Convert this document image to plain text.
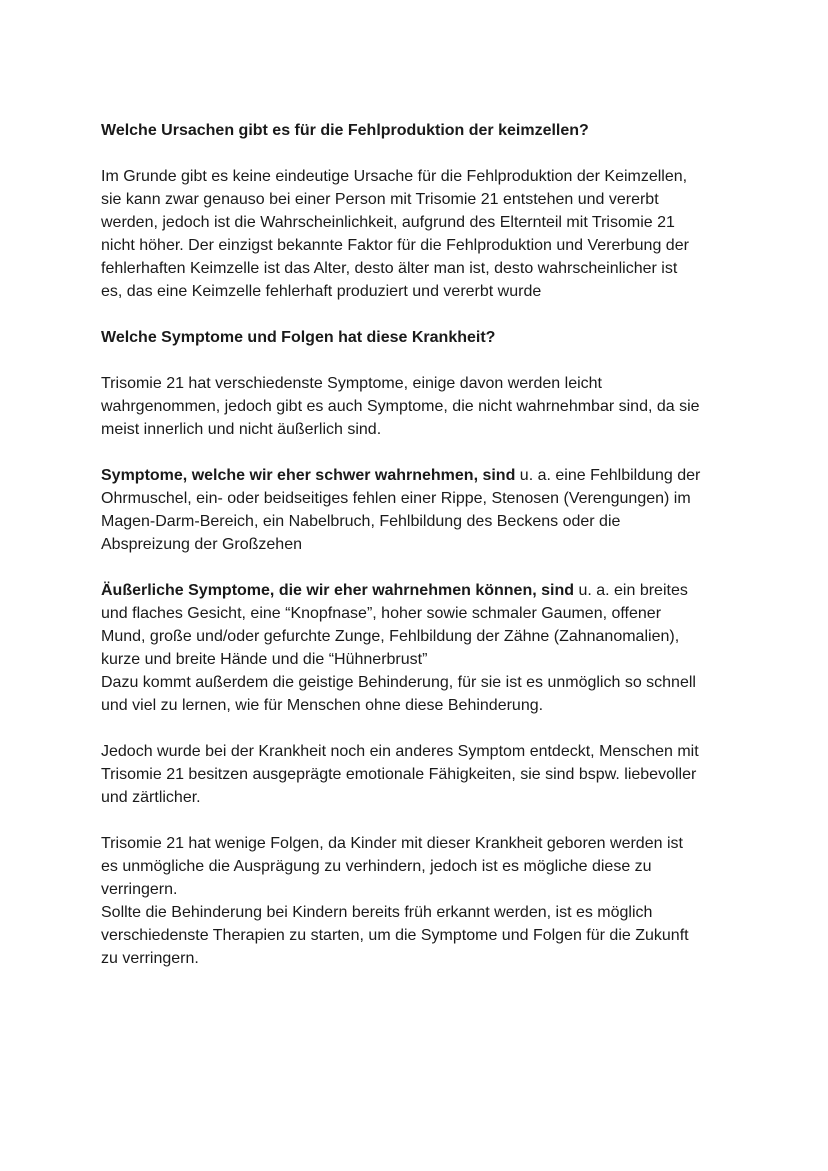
Welche Ursachen gibt es für die Fehlproduktion der keimzellen?

Im Grunde gibt es keine eindeutige Ursache für die Fehlproduktion der Keimzellen,
sie kann zwar genauso bei einer Person mit Trisomie 21 entstehen und vererbt
werden, jedoch ist die Wahrscheinlichkeit, aufgrund des Elternteil mit Trisomie 21
nicht höher. Der einzigst bekannte Faktor für die Fehlproduktion und Vererbung der
fehlerhaften Keimzelle ist das Alter, desto älter man ist, desto wahrscheinlicher ist
es, das eine Keimzelle fehlerhaft produziert und vererbt wurde

Welche Symptome und Folgen hat diese Krankheit?

Trisomie 21 hat verschiedenste Symptome, einige davon werden leicht
wahrgenommen, jedoch gibt es auch Symptome, die nicht wahrnehmbar sind, da sie
meist innerlich und nicht äußerlich sind.

Symptome, welche wir eher schwer wahrnehmen, sind u. a. eine Fehlbildung der
Ohrmuschel, ein- oder beidseitiges fehlen einer Rippe, Stenosen (Verengungen) im
Magen-Darm-Bereich, ein Nabelbruch, Fehlbildung des Beckens oder die
Abspreizung der Großzehen

Äußerliche Symptome, die wir eher wahrnehmen können, sind u. a. ein breites
und flaches Gesicht, eine “Knopfnase”, hoher sowie schmaler Gaumen, offener
Mund, große und/oder gefurchte Zunge, Fehlbildung der Zähne (Zahnanomalien),
kurze und breite Hände und die “Hühnerbrust”
Dazu kommt außerdem die geistige Behinderung, für sie ist es unmöglich so schnell
und viel zu lernen, wie für Menschen ohne diese Behinderung.

Jedoch wurde bei der Krankheit noch ein anderes Symptom entdeckt, Menschen mit
Trisomie 21 besitzen ausgeprägte emotionale Fähigkeiten, sie sind bspw. liebevoller
und zärtlicher.

Trisomie 21 hat wenige Folgen, da Kinder mit dieser Krankheit geboren werden ist
es unmögliche die Ausprägung zu verhindern, jedoch ist es mögliche diese zu
verringern.
Sollte die Behinderung bei Kindern bereits früh erkannt werden, ist es möglich
verschiedenste Therapien zu starten, um die Symptome und Folgen für die Zukunft
zu verringern.
